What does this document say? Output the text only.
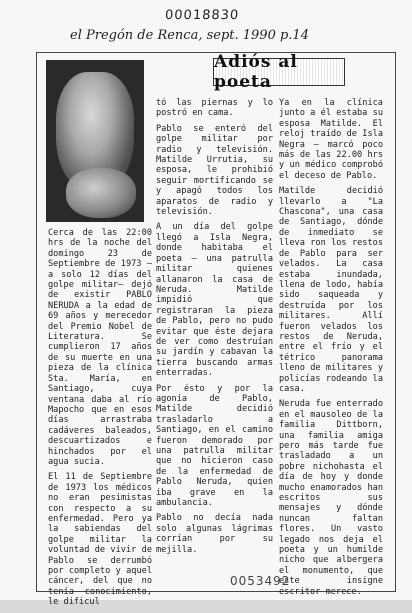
00018830
el Pregón de Renca, sept. 1990 p.14
Adiós al poeta

Cerca de las 22:00 hrs de la noche del domingo 23 de Septiembre de 1973 – a solo 12 días del golpe militar– dejó de existir PABLO NERUDA a la edad de 69 años y merecedor del Premio Nobel de Literatura. Se cumplieron 17 años de su muerte en una pieza de la clínica Sta. María, en Santiago, cuya ventana daba al río Mapocho que en esos días arrastraba cadáveres baleados, descuartizados e hinchados por el agua sucia.

El 11 de Septiembre de 1973 los médicos no eran pesimistas con respecto a su enfermedad. Pero ya la sabiendas del golpe militar la voluntad de vivir de Pablo se derrumbó por completo y aquel cáncer, del que no tenía conocimiento, le dificul

tó las piernas y lo postró en cama.

Pablo se enteró del golpe militar por radio y televisión. Matilde Urrutia, su esposa, le prohibió seguir mortificando se y apagó todos los aparatos de radio y televisión.

A un día del golpe llegó a Isla Negra, donde habitaba el poeta – una patrulla militar quienes allanaron la casa de Neruda. Matilde impidió que registraran la pieza de Pablo, pero no pudo evitar que éste dejara de ver como destruían su jardín y cabavan la tierra buscando armas enterradas.

Por ésto y por la agonía de Pablo, Matilde decidió trasladarlo a Santiago, en el camino fueron demorado por una patrulla militar que no hicieron caso de la enfermedad de Pablo Neruda, quien iba grave en la ambulancia.

Pablo no decía nada solo algunas lágrimas corrían por su mejilla.

Ya en la clínica junto a él estaba su esposa Matilde. El reloj traído de Isla Negra – marcó poco más de las 22.00 hrs y un médico comprobó el deceso de Pablo.

Matilde decidió llevarlo a "La Chascona", una casa de Santiago, dónde de inmediato se lleva ron los restos de Pablo para ser velados. La casa estaba inundada, llena de lodo, había sido saqueada y destruida por los militares. Allí fueron velados los restos de Neruda, entre el frío y el tétrico panorama lleno de militares y policías rodeando la casa.

Neruda fue enterrado en el mausoleo de la familia Dittborn, una familia amiga pero más tarde fue trasladado a un pobre nichohasta el día de hoy y donde mucho enamorados han escritos sus mensajes y dónde nuncan faltan flores. Un vasto legado nos deja el poeta y un humilde nicho que albergera el monumento, que este insigne escritor merece.

0053492
